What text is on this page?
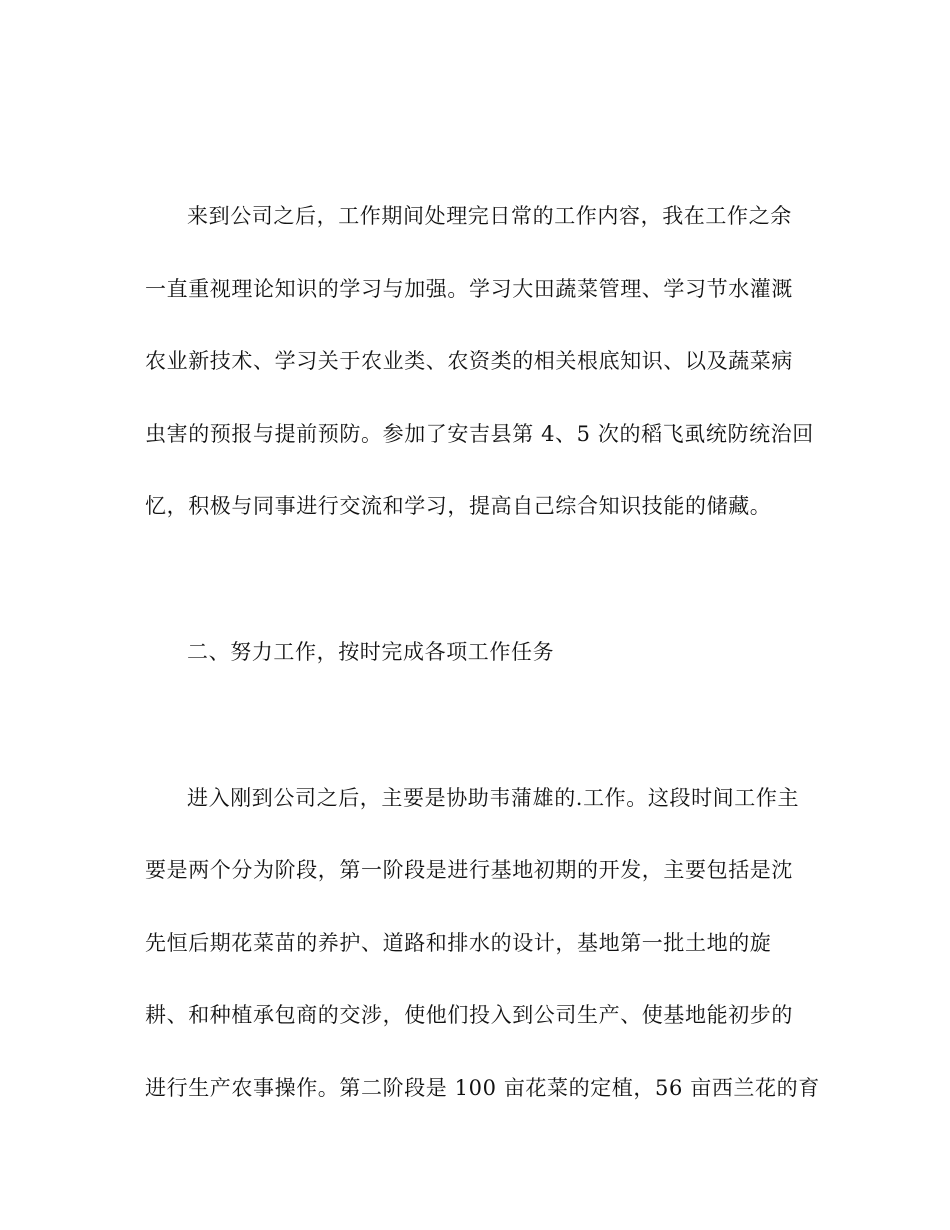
来到公司之后，工作期间处理完日常的工作内容，我在工作之余

一直重视理论知识的学习与加强。学习大田蔬菜管理、学习节水灌溉

农业新技术、学习关于农业类、农资类的相关根底知识、以及蔬菜病

虫害的预报与提前预防。参加了安吉县第 4、5 次的稻飞虱统防统治回

忆，积极与同事进行交流和学习，提高自己综合知识技能的储藏。

二、努力工作，按时完成各项工作任务

进入刚到公司之后，主要是协助韦蒲雄的.工作。这段时间工作主

要是两个分为阶段，第一阶段是进行基地初期的开发，主要包括是沈

先恒后期花菜苗的养护、道路和排水的设计，基地第一批土地的旋

耕、和种植承包商的交涉，使他们投入到公司生产、使基地能初步的

进行生产农事操作。第二阶段是 100 亩花菜的定植，56 亩西兰花的育
